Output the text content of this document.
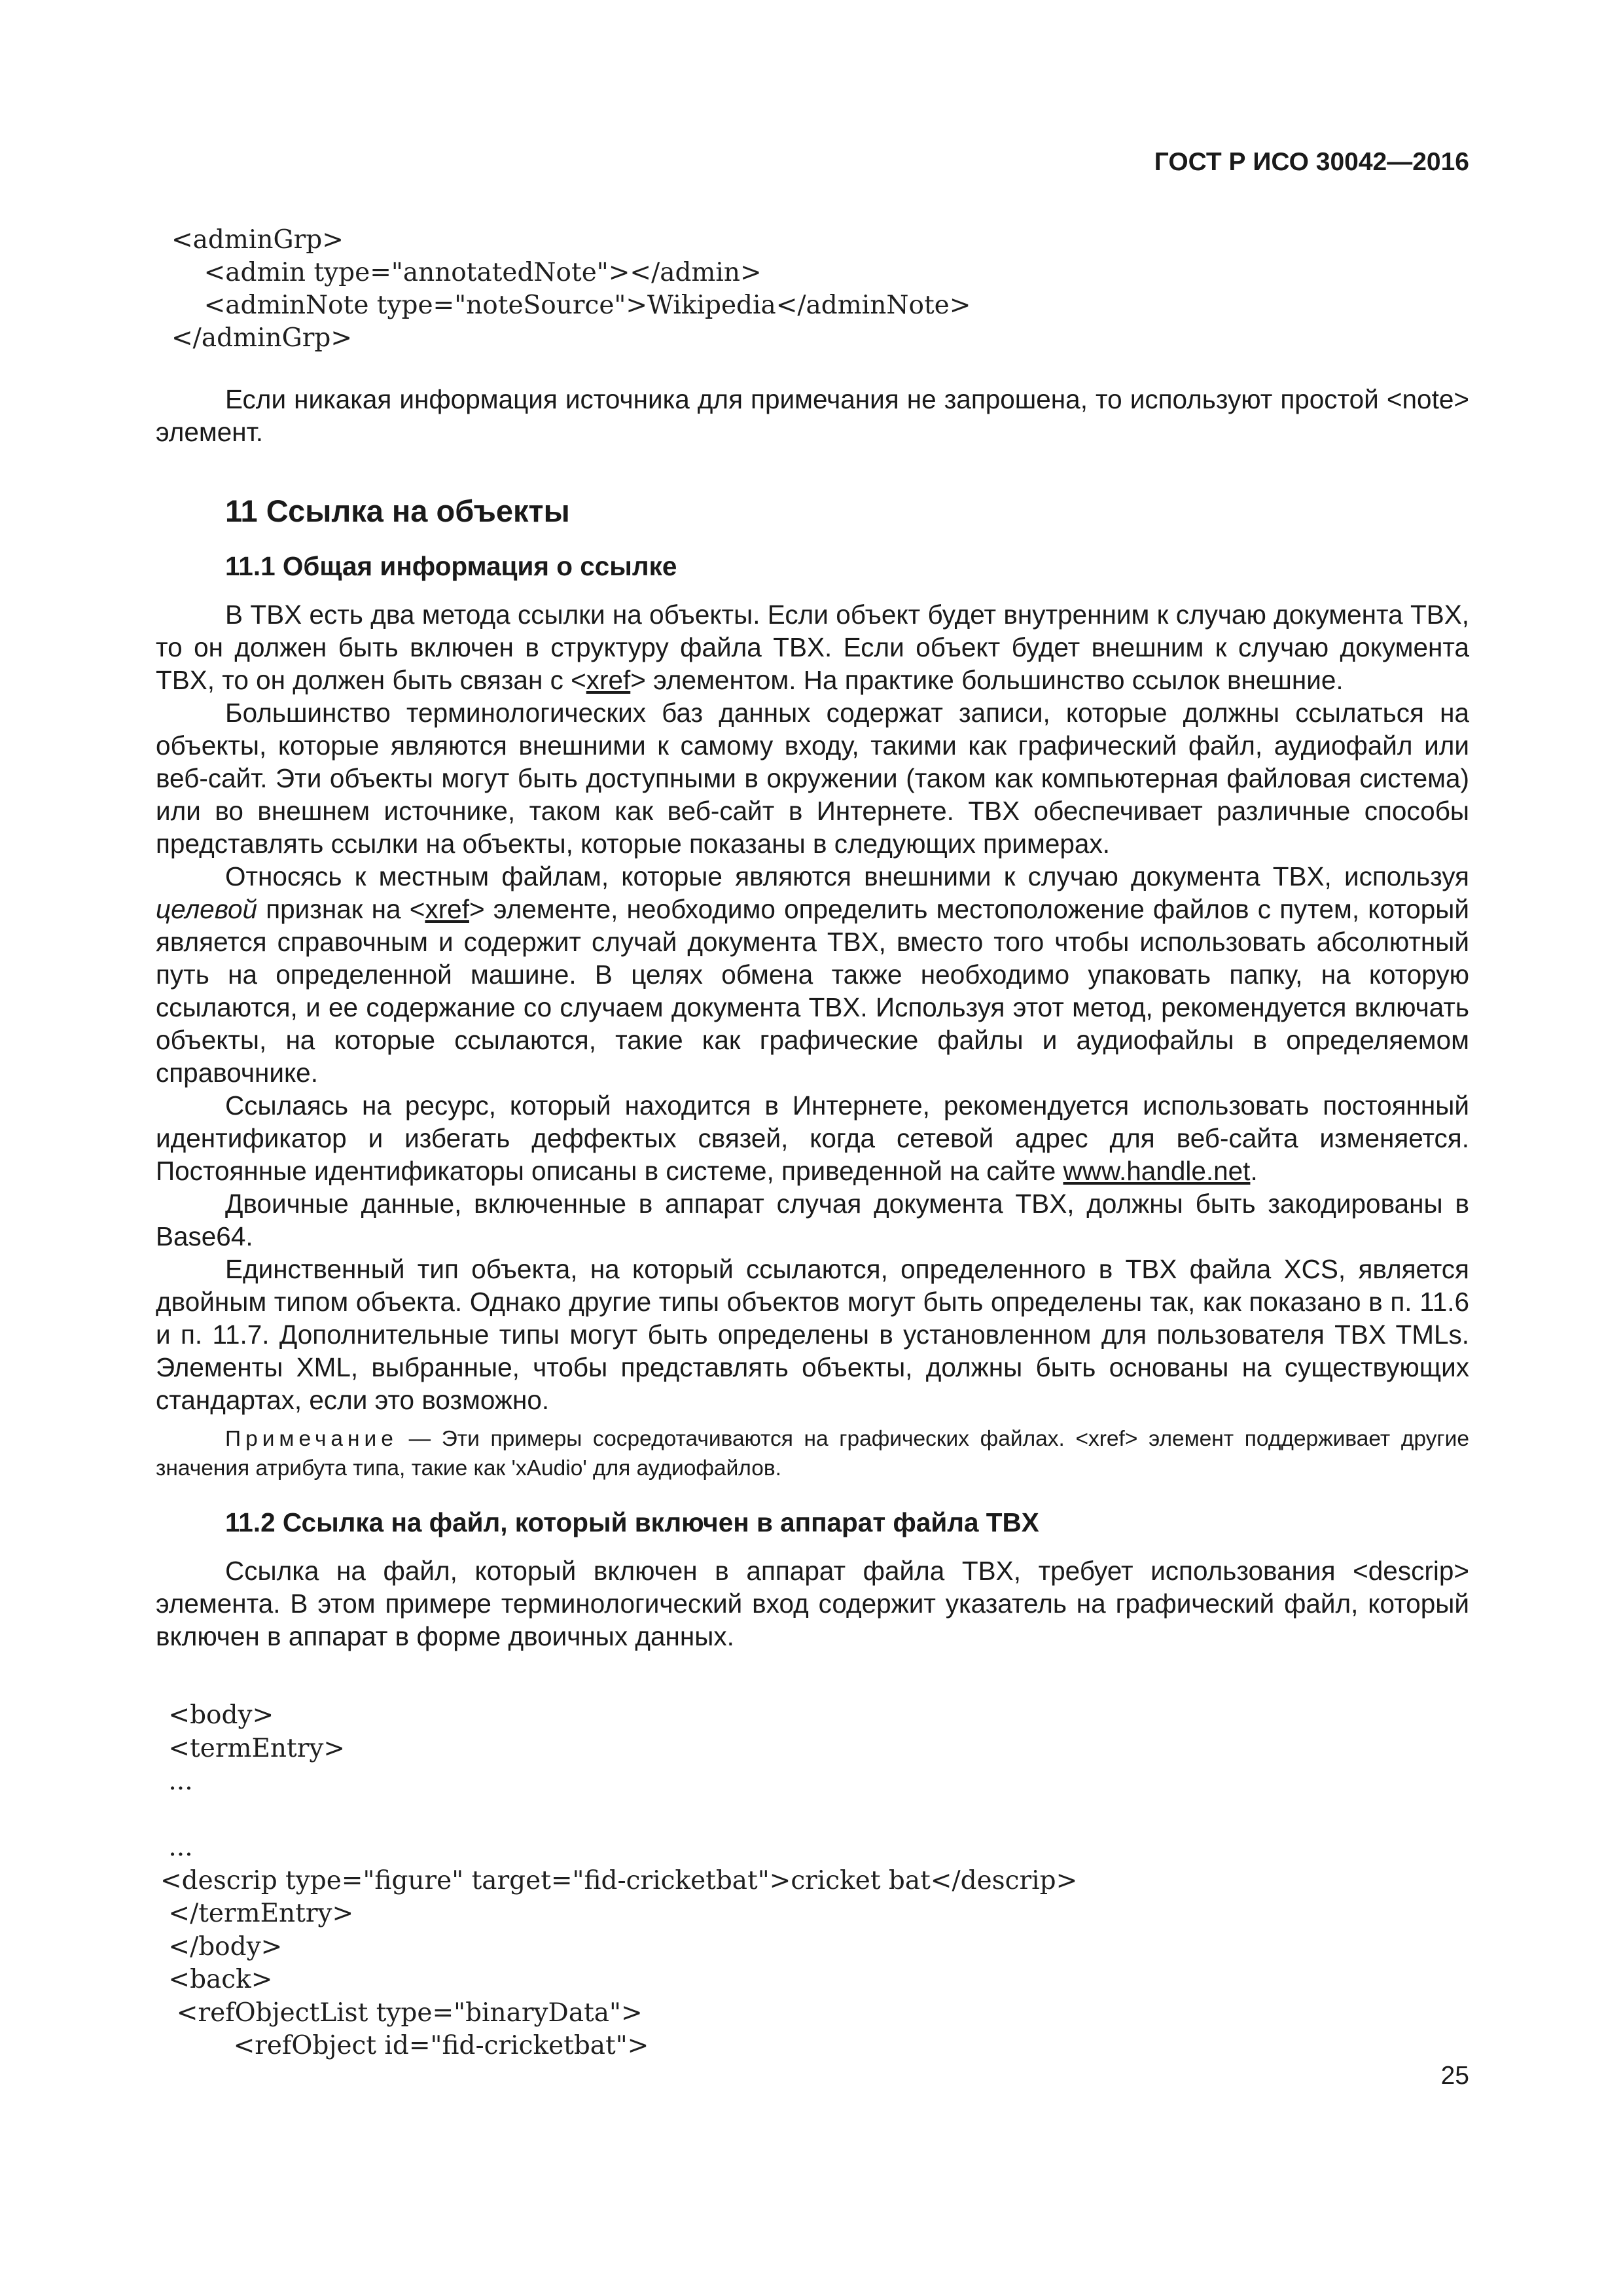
ГОСТ Р ИСО 30042—2016
<adminGrp>
<admin type="annotatedNote"></admin>
<adminNote type="noteSource">Wikipedia</adminNote>
</adminGrp>

Если никакая информация источника для примечания не запрошена, то используют простой <note> элемент.

11 Ссылка на объекты
11.1 Общая информация о ссылке

В TBX есть два метода ссылки на объекты. Если объект будет внутренним к случаю документа TBX, то он должен быть включен в структуру файла TBX. Если объект будет внешним к случаю документа TBX, то он должен быть связан с <xref> элементом. На практике большинство ссылок внешние.

Большинство терминологических баз данных содержат записи, которые должны ссылаться на объекты, которые являются внешними к самому входу, такими как графический файл, аудиофайл или веб-сайт. Эти объекты могут быть доступными в окружении (таком как компьютерная файловая система) или во внешнем источнике, таком как веб-сайт в Интернете. TBX обеспечивает различные способы представлять ссылки на объекты, которые показаны в следующих примерах.

Относясь к местным файлам, которые являются внешними к случаю документа TBX, используя целевой признак на <xref> элементе, необходимо определить местоположение файлов с путем, который является справочным и содержит случай документа TBX, вместо того чтобы использовать абсолютный путь на определенной машине. В целях обмена также необходимо упаковать папку, на которую ссылаются, и ее содержание со случаем документа TBX. Используя этот метод, рекомендуется включать объекты, на которые ссылаются, такие как графические файлы и аудиофайлы в определяемом справочнике.

Ссылаясь на ресурс, который находится в Интернете, рекомендуется использовать постоянный идентификатор и избегать деффектых связей, когда сетевой адрес для веб-сайта изменяется. Постоянные идентификаторы описаны в системе, приведенной на сайте www.handle.net.

Двоичные данные, включенные в аппарат случая документа TBX, должны быть закодированы в Base64.

Единственный тип объекта, на который ссылаются, определенного в TBX файла XCS, является двойным типом объекта. Однако другие типы объектов могут быть определены так, как показано в п. 11.6 и п. 11.7. Дополнительные типы могут быть определены в установленном для пользователя TBX TMLs. Элементы XML, выбранные, чтобы представлять объекты, должны быть основаны на существующих стандартах, если это возможно.

Примечание — Эти примеры сосредотачиваются на графических файлах. <xref> элемент поддерживает другие значения атрибута типа, такие как 'xAudio' для аудиофайлов.

11.2 Ссылка на файл, который включен в аппарат файла TBX

Ссылка на файл, который включен в аппарат файла TBX, требует использования <descrip> элемента. В этом примере терминологический вход содержит указатель на графический файл, который включен в аппарат в форме двоичных данных.

<body>
<termEntry>
...

...
<descrip type="figure" target="fid-cricketbat">cricket bat</descrip>
</termEntry>
</body>
<back>
<refObjectList type="binaryData">
<refObject id="fid-cricketbat">
25
